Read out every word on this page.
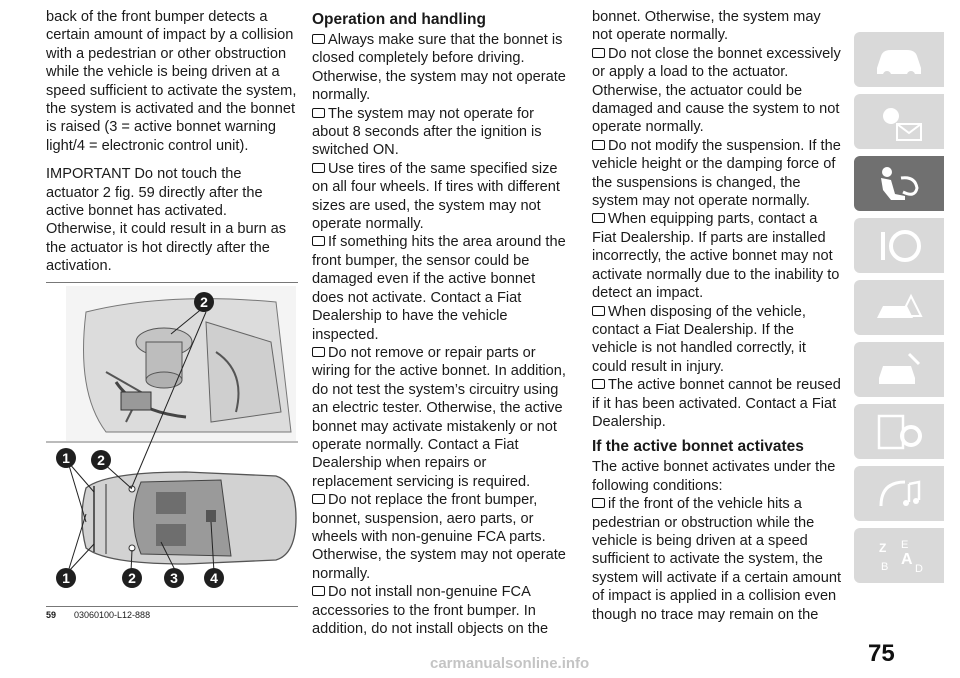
back of the front bumper detects a certain amount of impact by a collision with a pedestrian or other obstruction while the vehicle is being driven at a speed sufficient to activate the system, the system is activated and the bonnet is raised (3 = active bonnet warning light/4 = electronic control unit).

IMPORTANT Do not touch the actuator 2 fig. 59 directly after the active bonnet has activated. Otherwise, it could result in a burn as the actuator is hot directly after the activation.

2
1 2
1	2 3 4
59 03060100-L12-888
Operation and handling
Always make sure that the bonnet is closed completely before driving. Otherwise, the system may not operate normally.
The system may not operate for about 8 seconds after the ignition is switched ON.
Use tires of the same specified size on all four wheels. If tires with different sizes are used, the system may not operate normally.
If something hits the area around the front bumper, the sensor could be damaged even if the active bonnet does not activate. Contact a Fiat Dealership to have the vehicle inspected.
Do not remove or repair parts or wiring for the active bonnet. In addition, do not test the system’s circuitry using an electric tester. Otherwise, the active bonnet may activate mistakenly or not operate normally. Contact a Fiat Dealership when repairs or replacement servicing is required.
Do not replace the front bumper, bonnet, suspension, aero parts, or wheels with non-genuine FCA parts. Otherwise, the system may not operate normally.
Do not install non-genuine FCA accessories to the front bumper. In addition, do not install objects on the
bonnet. Otherwise, the system may not operate normally.
Do not close the bonnet excessively or apply a load to the actuator. Otherwise, the actuator could be damaged and cause the system to not operate normally.
Do not modify the suspension. If the vehicle height or the damping force of the suspensions is changed, the system may not operate normally.
When equipping parts, contact a Fiat Dealership. If parts are installed incorrectly, the active bonnet may not activate normally due to the inability to detect an impact.
When disposing of the vehicle, contact a Fiat Dealership. If the vehicle is not handled correctly, it could result in injury.
The active bonnet cannot be reused if it has been activated. Contact a Fiat Dealership.
If the active bonnet activates
The active bonnet activates under the following conditions:
if the front of the vehicle hits a pedestrian or obstruction while the vehicle is being driven at a speed sufficient to activate the system, the system will activate if a certain amount of impact is applied in a collision even though no trace may remain on the
Z E
A
B D
75
carmanualsonline.info
